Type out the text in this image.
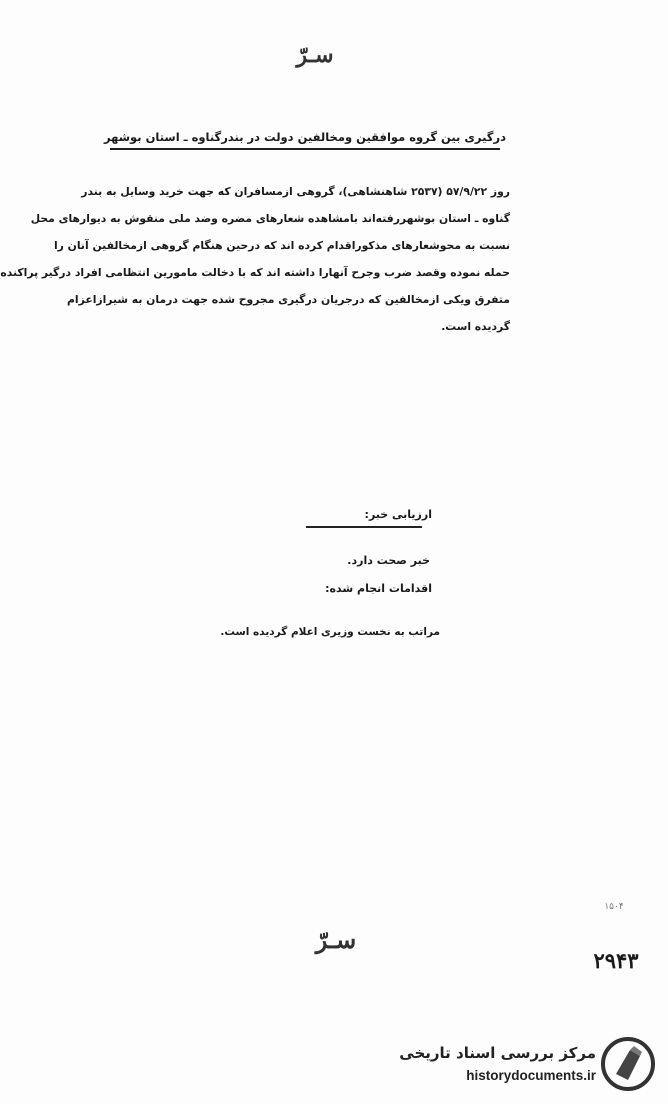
سـرّ
درگیری بین گروه موافقین ومخالفین دولت در بندرگناوه ـ استان بوشهر
روز ۵۷/۹/۲۲ (۲۵۳۷ شاهنشاهی)، گروهی ازمسافران که جهت خرید وسایل به بندر
گناوه ـ استان بوشهررفته‌اند بامشاهده شعارهای مضره وضد ملی منقوش به دیوارهای محل
نسبت به محوشعارهای مذکوراقدام کرده اند که درحین هنگام گروهی ازمخالفین آنان را
حمله نموده وقصد ضرب وجرح آنهارا داشته اند که با دخالت مامورین انتظامی افراد درگیر پراکنده
متفرق ویکی ازمخالفین که درجریان درگیری مجروح شده جهت درمان به شیرازاعزام
گردیده است.
ارزیابی خبر:
خبر صحت دارد.
اقدامات انجام شده:
مراتب به نخست وزیری اعلام گردیده است.
۱۵۰۴
سـرّ
۲۹۴۳
مرکز بررسی اسناد تاریخی
historydocuments.ir
